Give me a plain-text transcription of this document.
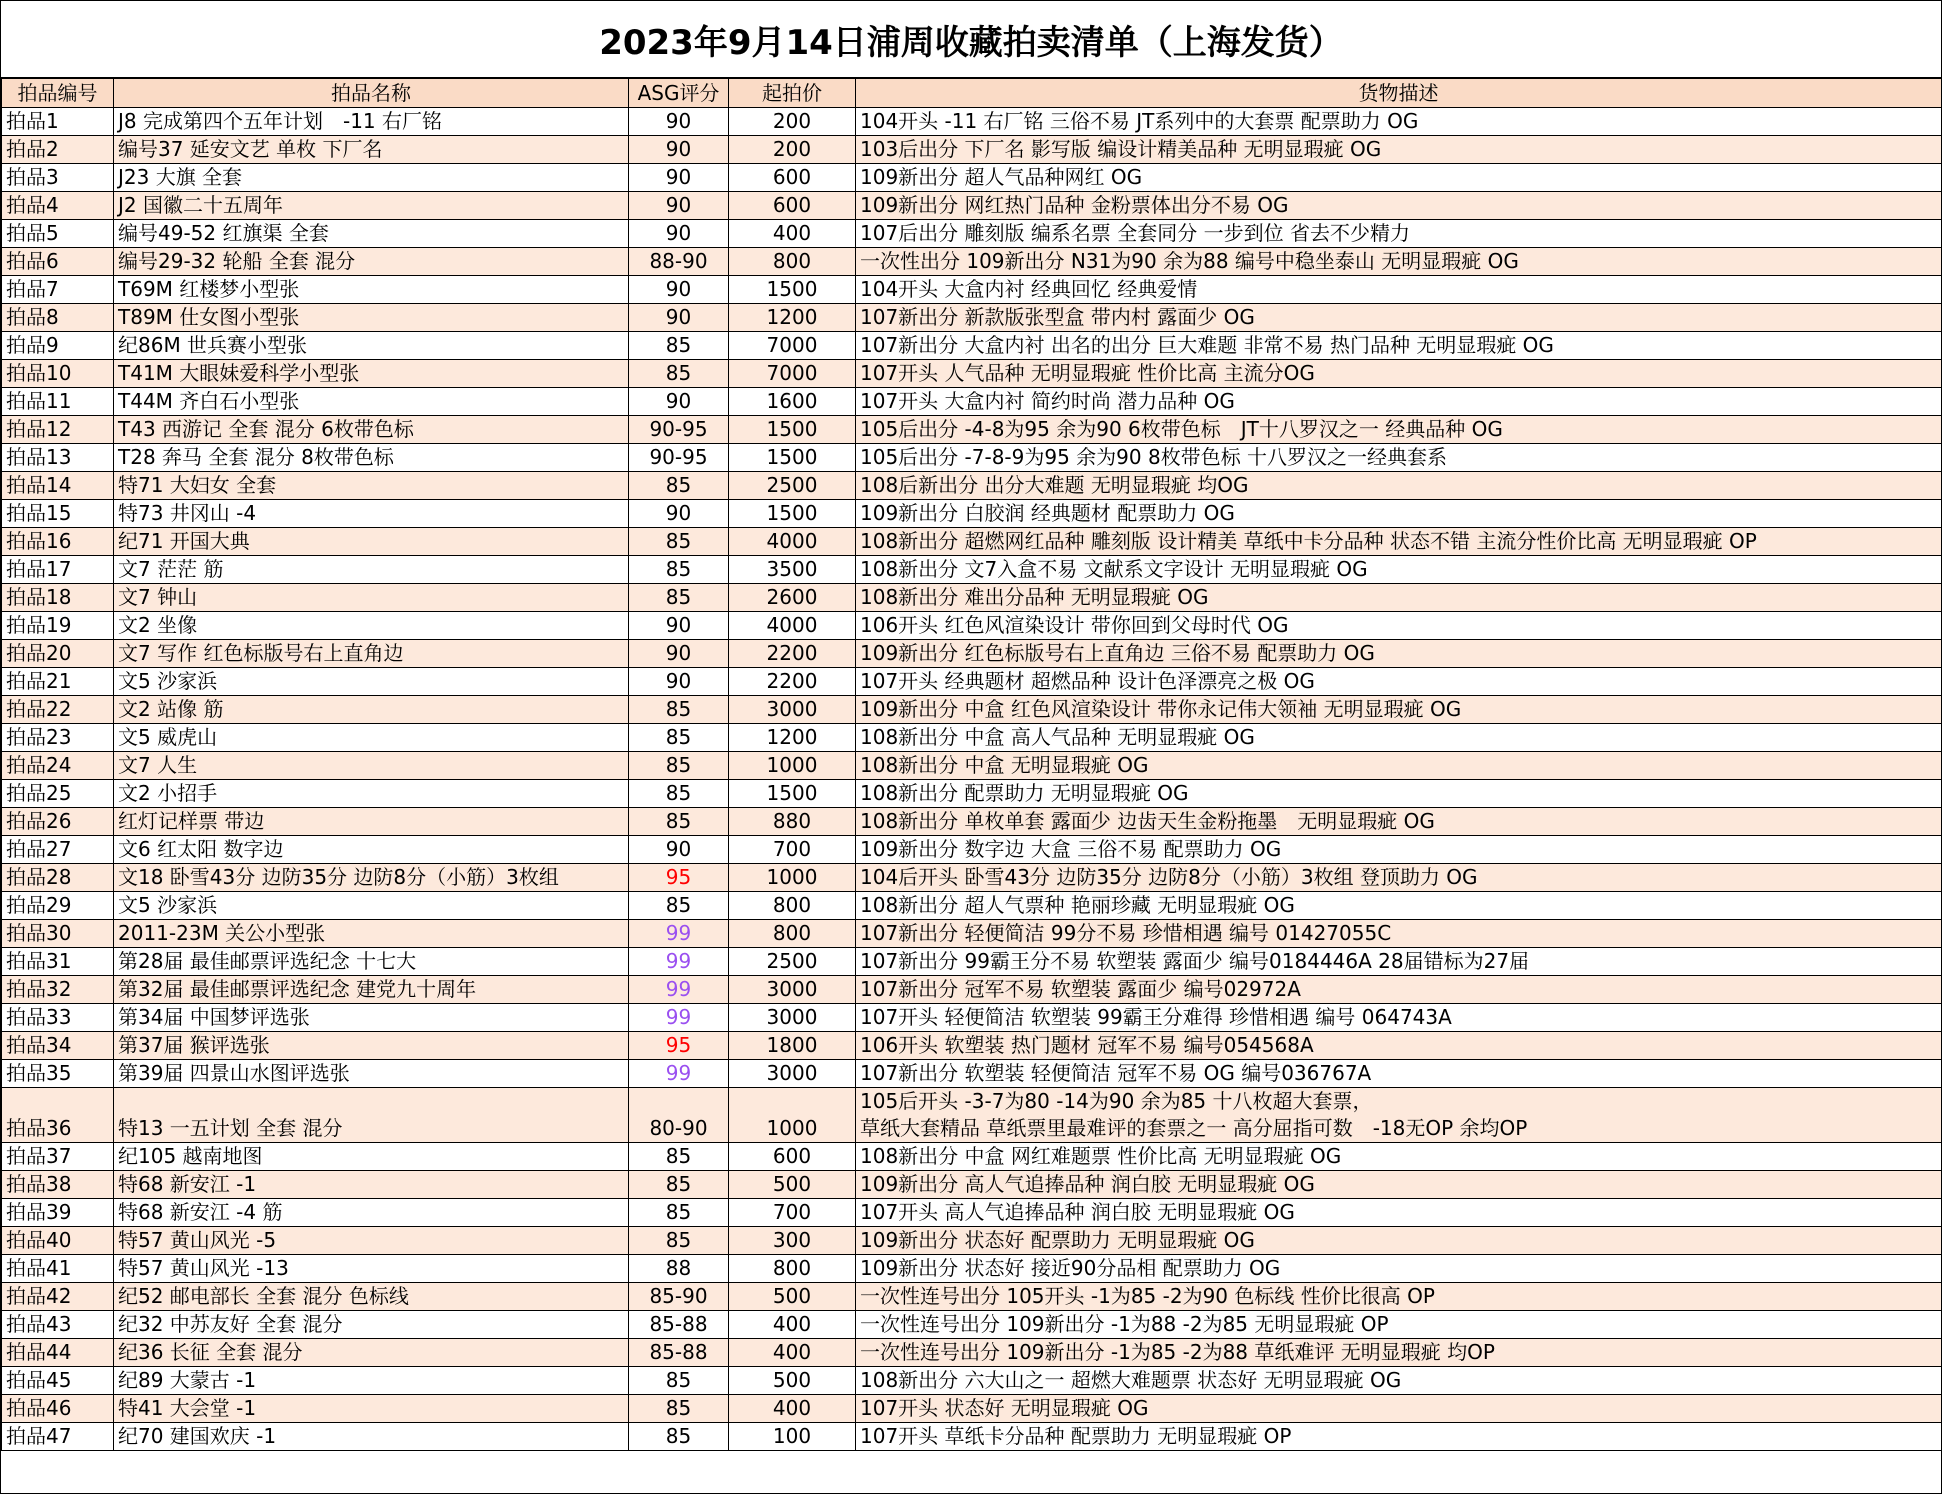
2023年9月14日浦周收藏拍卖清单（上海发货）
拍品编号	拍品名称	ASG评分	起拍价	货物描述
拍品1	J8 完成第四个五年计划　-11 右厂铭	90	200	104开头 -11 右厂铭 三俗不易 JT系列中的大套票 配票助力 OG
拍品2	编号37 延安文艺 单枚 下厂名	90	200	103后出分 下厂名 影写版 编设计精美品种 无明显瑕疵 OG
拍品3	J23 大旗 全套	90	600	109新出分 超人气品种网红 OG
拍品4	J2 国徽二十五周年	90	600	109新出分 网红热门品种 金粉票体出分不易 OG
拍品5	编号49-52 红旗渠 全套	90	400	107后出分 雕刻版 编系名票 全套同分 一步到位 省去不少精力
拍品6	编号29-32 轮船 全套 混分	88-90	800	一次性出分 109新出分 N31为90 余为88 编号中稳坐泰山 无明显瑕疵 OG
拍品7	T69M 红楼梦小型张	90	1500	104开头 大盒内衬 经典回忆 经典爱情
拍品8	T89M 仕女图小型张	90	1200	107新出分 新款版张型盒 带内村 露面少 OG
拍品9	纪86M 世兵赛小型张	85	7000	107新出分 大盒内衬 出名的出分 巨大难题 非常不易 热门品种 无明显瑕疵 OG
拍品10	T41M 大眼妹爱科学小型张	85	7000	107开头 人气品种 无明显瑕疵 性价比高 主流分OG
拍品11	T44M 齐白石小型张	90	1600	107开头 大盒内衬 简约时尚 潜力品种 OG
拍品12	T43 西游记 全套 混分 6枚带色标	90-95	1500	105后出分 -4-8为95 余为90 6枚带色标　JT十八罗汉之一 经典品种 OG
拍品13	T28 奔马 全套 混分 8枚带色标	90-95	1500	105后出分 -7-8-9为95 余为90 8枚带色标 十八罗汉之一经典套系
拍品14	特71 大妇女 全套	85	2500	108后新出分 出分大难题 无明显瑕疵 均OG
拍品15	特73 井冈山 -4	90	1500	109新出分 白胶润 经典题材 配票助力 OG
拍品16	纪71 开国大典	85	4000	108新出分 超燃网红品种 雕刻版 设计精美 草纸中卡分品种 状态不错 主流分性价比高 无明显瑕疵 OP
拍品17	文7 茫茫 筋	85	3500	108新出分 文7入盒不易 文献系文字设计 无明显瑕疵 OG
拍品18	文7 钟山	85	2600	108新出分 难出分品种 无明显瑕疵 OG
拍品19	文2 坐像	90	4000	106开头 红色风渲染设计 带你回到父母时代 OG
拍品20	文7 写作 红色标版号右上直角边	90	2200	109新出分 红色标版号右上直角边 三俗不易 配票助力 OG
拍品21	文5 沙家浜	90	2200	107开头 经典题材 超燃品种 设计色泽漂亮之极 OG
拍品22	文2 站像 筋	85	3000	109新出分 中盒 红色风渲染设计 带你永记伟大领袖 无明显瑕疵 OG
拍品23	文5 威虎山	85	1200	108新出分 中盒 高人气品种 无明显瑕疵 OG
拍品24	文7 人生	85	1000	108新出分 中盒 无明显瑕疵 OG
拍品25	文2 小招手	85	1500	108新出分 配票助力 无明显瑕疵 OG
拍品26	红灯记样票 带边	85	880	108新出分 单枚单套 露面少 边齿天生金粉拖墨　无明显瑕疵 OG
拍品27	文6 红太阳 数字边	90	700	109新出分 数字边 大盒 三俗不易 配票助力 OG
拍品28	文18 卧雪43分 边防35分 边防8分（小筋）3枚组	95	1000	104后开头 卧雪43分 边防35分 边防8分（小筋）3枚组 登顶助力 OG
拍品29	文5 沙家浜	85	800	108新出分 超人气票种 艳丽珍藏 无明显瑕疵 OG
拍品30	2011-23M 关公小型张	99	800	107新出分 轻便简洁 99分不易 珍惜相遇 编号 01427055C
拍品31	第28届 最佳邮票评选纪念 十七大	99	2500	107新出分 99霸王分不易 软塑装 露面少 编号0184446A 28届错标为27届
拍品32	第32届 最佳邮票评选纪念 建党九十周年	99	3000	107新出分 冠军不易 软塑装 露面少 编号02972A
拍品33	第34届 中国梦评选张	99	3000	107开头 轻便简洁 软塑装 99霸王分难得 珍惜相遇 编号 064743A
拍品34	第37届 猴评选张	95	1800	106开头 软塑装 热门题材 冠军不易 编号054568A
拍品35	第39届 四景山水图评选张	99	3000	107新出分 软塑装 轻便简洁 冠军不易 OG 编号036767A
拍品36	特13 一五计划 全套 混分	80-90	1000	105后开头 -3-7为80 -14为90 余为85 十八枚超大套票，
草纸大套精品 草纸票里最难评的套票之一 高分屈指可数　-18无OP 余均OP

拍品37	纪105 越南地图	85	600	108新出分 中盒 网红难题票 性价比高 无明显瑕疵 OG
拍品38	特68 新安江 -1	85	500	109新出分 高人气追捧品种 润白胶 无明显瑕疵 OG
拍品39	特68 新安江 -4 筋	85	700	107开头 高人气追捧品种 润白胶 无明显瑕疵 OG
拍品40	特57 黄山风光 -5	85	300	109新出分 状态好 配票助力 无明显瑕疵 OG
拍品41	特57 黄山风光 -13	88	800	109新出分 状态好 接近90分品相 配票助力 OG
拍品42	纪52 邮电部长 全套 混分 色标线	85-90	500	一次性连号出分 105开头 -1为85 -2为90 色标线 性价比很高 OP
拍品43	纪32 中苏友好 全套 混分	85-88	400	一次性连号出分 109新出分 -1为88 -2为85 无明显瑕疵 OP
拍品44	纪36 长征 全套 混分	85-88	400	一次性连号出分 109新出分 -1为85 -2为88 草纸难评 无明显瑕疵 均OP
拍品45	纪89 大蒙古 -1	85	500	108新出分 六大山之一 超燃大难题票 状态好 无明显瑕疵 OG
拍品46	特41 大会堂 -1	85	400	107开头 状态好 无明显瑕疵 OG
拍品47	纪70 建国欢庆 -1	85	100	107开头 草纸卡分品种 配票助力 无明显瑕疵 OP
